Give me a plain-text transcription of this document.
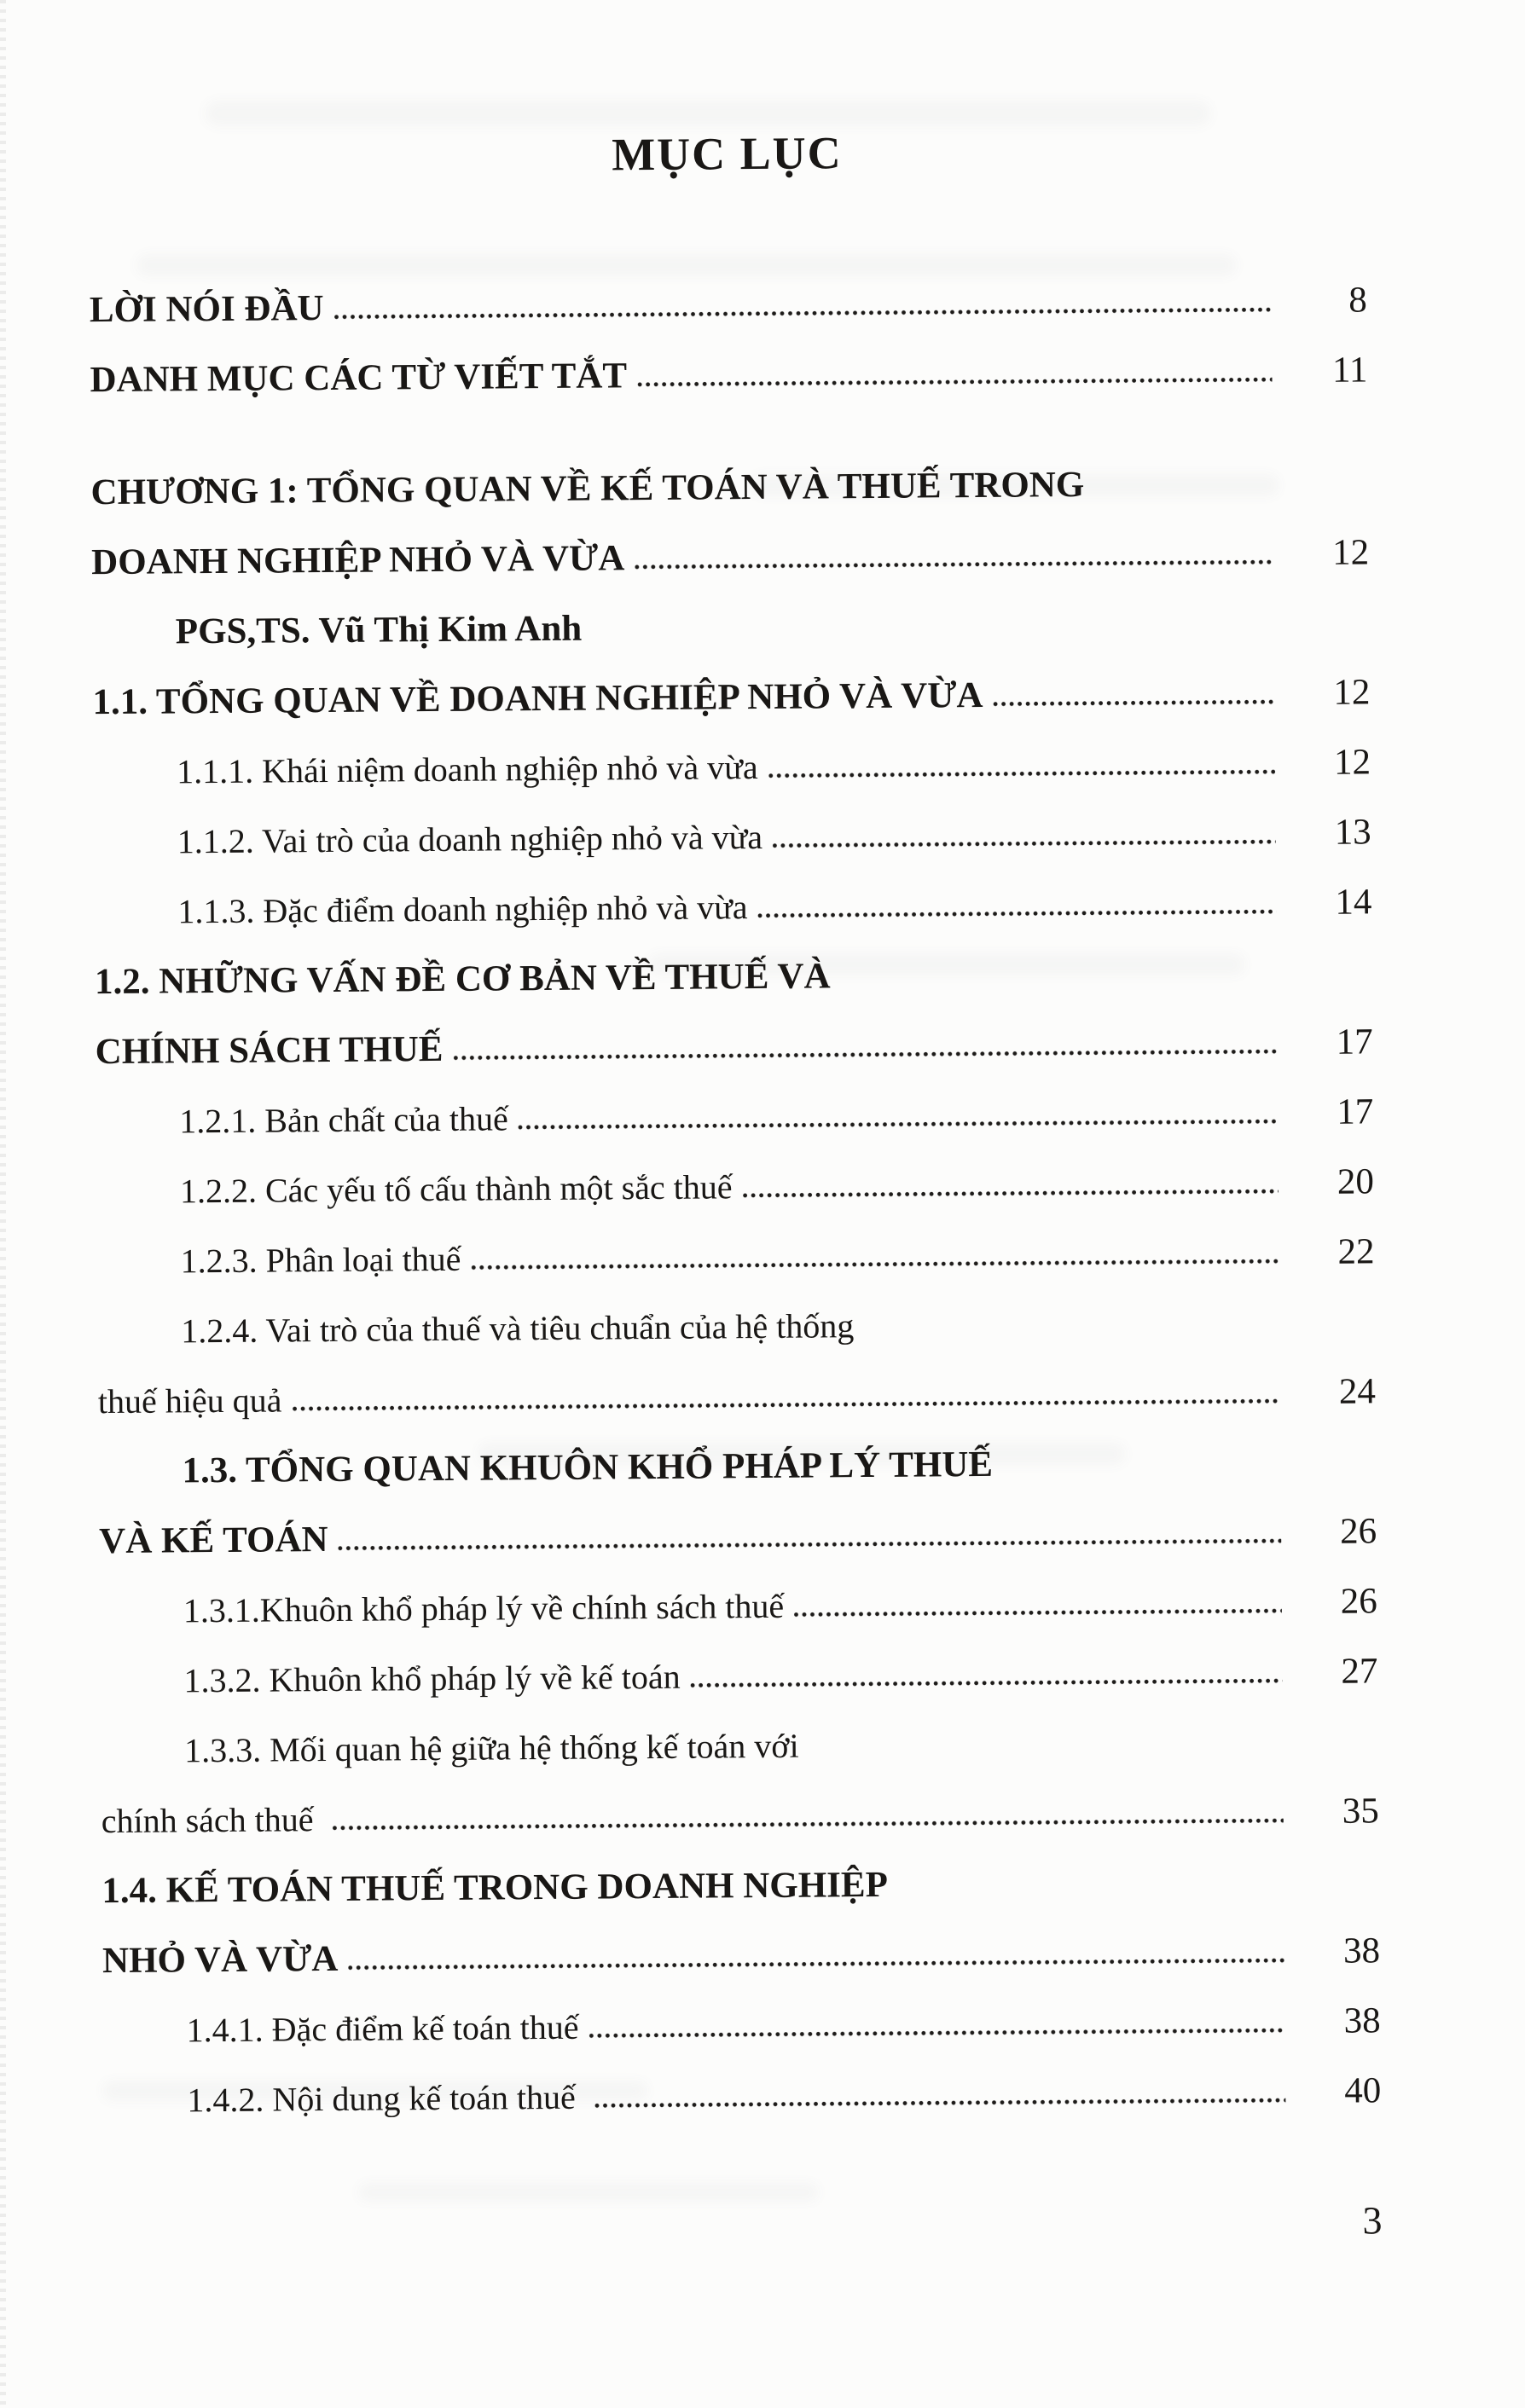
MỤC LỤC
LỜI NÓI ĐẦU	8
DANH MỤC CÁC TỪ VIẾT TẮT	11
CHƯƠNG 1: TỔNG QUAN VỀ KẾ TOÁN VÀ THUẾ TRONG
DOANH NGHIỆP NHỎ VÀ VỪA	12
PGS,TS. Vũ Thị Kim Anh
1.1. TỔNG QUAN VỀ DOANH NGHIỆP NHỎ VÀ VỪA	12
1.1.1. Khái niệm doanh nghiệp nhỏ và vừa	12
1.1.2. Vai trò của doanh nghiệp nhỏ và vừa	13
1.1.3. Đặc điểm doanh nghiệp nhỏ và vừa	14
1.2. NHỮNG VẤN ĐỀ CƠ BẢN VỀ THUẾ VÀ
CHÍNH SÁCH THUẾ	17
1.2.1. Bản chất của thuế	17
1.2.2. Các yếu tố cấu thành một sắc thuế	20
1.2.3. Phân loại thuế	22
1.2.4. Vai trò của thuế và tiêu chuẩn của hệ thống
thuế hiệu quả	24
1.3. TỔNG QUAN KHUÔN KHỔ PHÁP LÝ THUẾ
VÀ KẾ TOÁN	26
1.3.1.Khuôn khổ pháp lý về chính sách thuế	26
1.3.2. Khuôn khổ pháp lý về kế toán	27
1.3.3. Mối quan hệ giữa hệ thống kế toán với
chính sách thuế	35
1.4. KẾ TOÁN THUẾ TRONG DOANH NGHIỆP
NHỎ VÀ VỪA	38
1.4.1. Đặc điểm kế toán thuế	38
1.4.2. Nội dung kế toán thuế	40
3
